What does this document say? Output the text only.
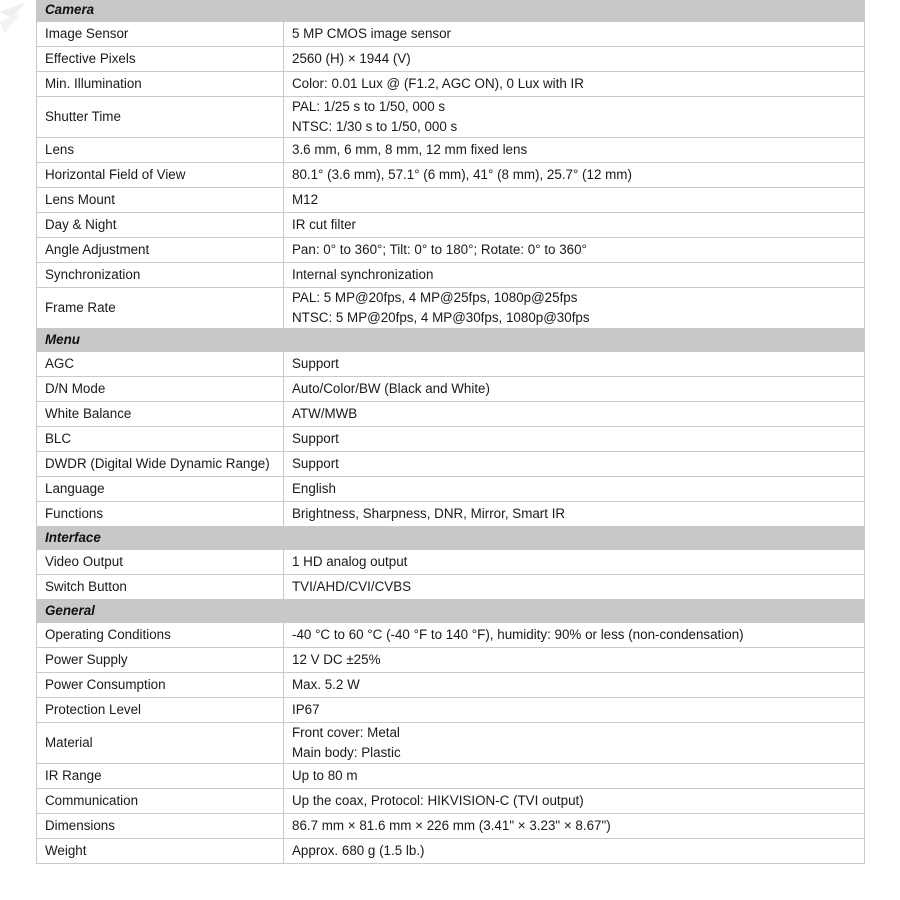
Camera	
Image Sensor	5 MP CMOS image sensor
Effective Pixels	2560 (H) × 1944 (V)
Min. Illumination	Color: 0.01 Lux @ (F1.2, AGC ON), 0 Lux with IR
Shutter Time	PAL: 1/25 s to 1/50, 000 s
NTSC: 1/30 s to 1/50, 000 s

Lens	3.6 mm, 6 mm, 8 mm, 12 mm fixed lens
Horizontal Field of View	80.1° (3.6 mm), 57.1° (6 mm), 41° (8 mm), 25.7° (12 mm)
Lens Mount	M12
Day & Night	IR cut filter
Angle Adjustment	Pan: 0° to 360°; Tilt: 0° to 180°; Rotate: 0° to 360°
Synchronization	Internal synchronization
Frame Rate	PAL: 5 MP@20fps, 4 MP@25fps, 1080p@25fps
NTSC: 5 MP@20fps, 4 MP@30fps, 1080p@30fps

Menu	
AGC	Support
D/N Mode	Auto/Color/BW (Black and White)
White Balance	ATW/MWB
BLC	Support
DWDR (Digital Wide Dynamic Range)	Support
Language	English
Functions	Brightness, Sharpness, DNR, Mirror, Smart IR
Interface	
Video Output	1 HD analog output
Switch Button	TVI/AHD/CVI/CVBS
General	
Operating Conditions	-40 °C to 60 °C (-40 °F to 140 °F), humidity: 90% or less (non-condensation)
Power Supply	12 V DC ±25%
Power Consumption	Max. 5.2 W
Protection Level	IP67
Material	Front cover: Metal
Main body: Plastic

IR Range	Up to 80 m
Communication	Up the coax, Protocol: HIKVISION-C (TVI output)
Dimensions	86.7 mm × 81.6 mm × 226 mm (3.41" × 3.23" × 8.67")
Weight	Approx. 680 g (1.5 lb.)
